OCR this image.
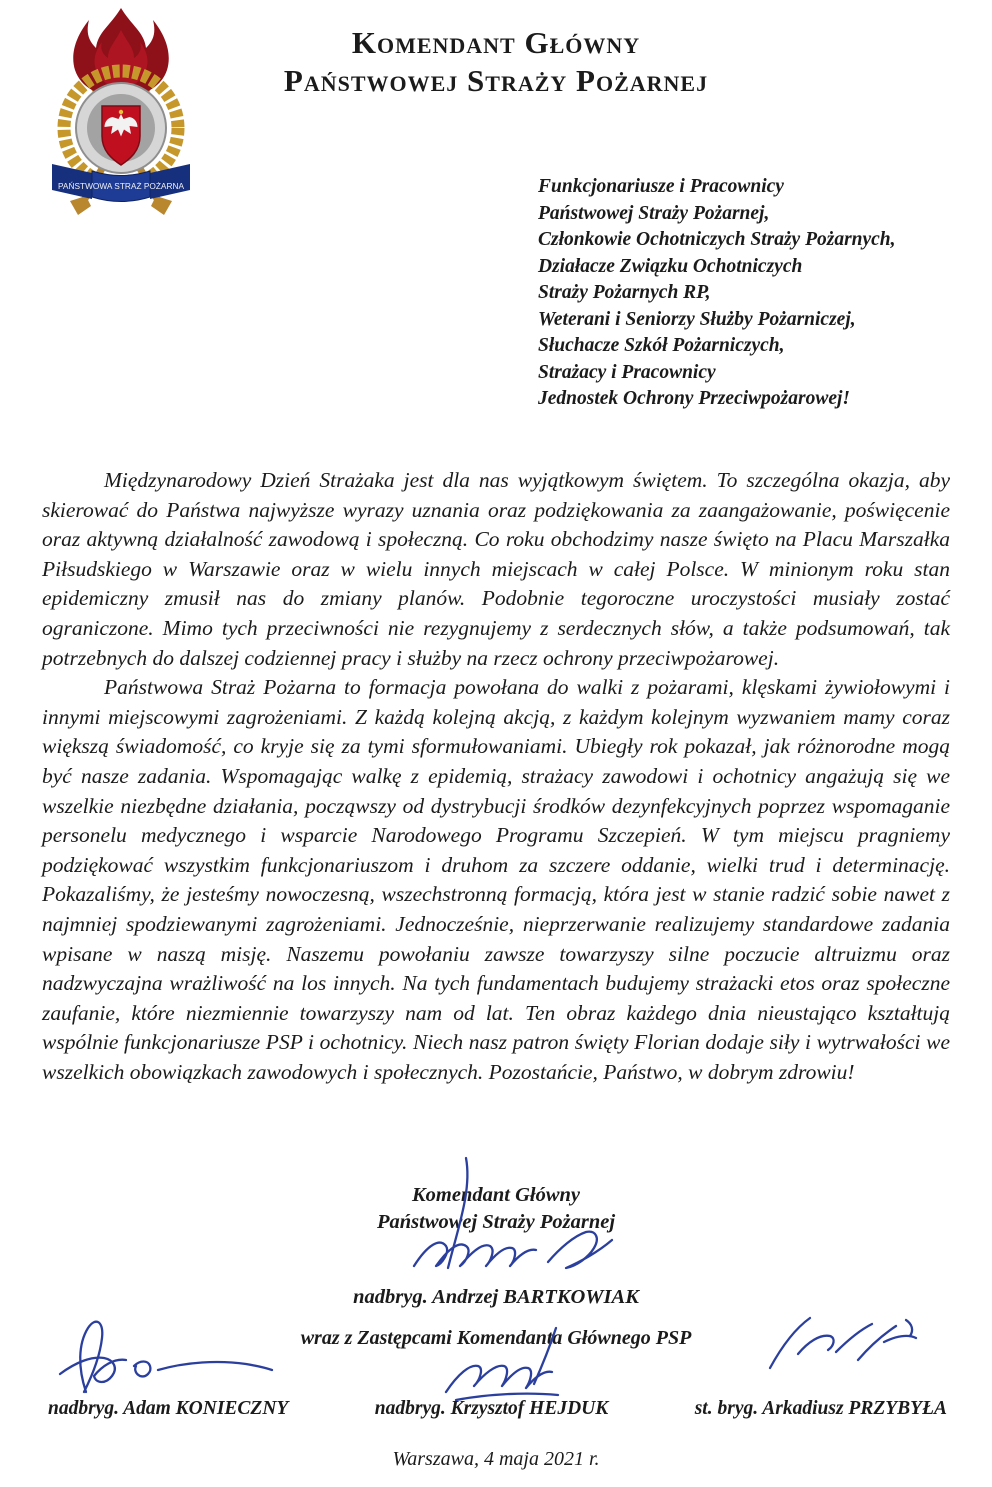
PAŃSTWOWA STRAŻ POŻARNA
Komendant Główny
Państwowej Straży Pożarnej
Funkcjonariusze i Pracownicy
Państwowej Straży Pożarnej,
Członkowie Ochotniczych Straży Pożarnych,
Działacze Związku Ochotniczych
Straży Pożarnych RP,
Weterani i Seniorzy Służby Pożarniczej,
Słuchacze Szkół Pożarniczych,
Strażacy i Pracownicy
Jednostek Ochrony Przeciwpożarowej!

Międzynarodowy Dzień Strażaka jest dla nas wyjątkowym świętem. To szczególna okazja, aby skierować do Państwa najwyższe wyrazy uznania oraz podziękowania za zaangażowanie, poświęcenie oraz aktywną działalność zawodową i społeczną. Co roku obchodzimy nasze święto na Placu Marszałka Piłsudskiego w Warszawie oraz w wielu innych miejscach w całej Polsce. W minionym roku stan epidemiczny zmusił nas do zmiany planów. Podobnie tegoroczne uroczystości musiały zostać ograniczone. Mimo tych przeciwności nie rezygnujemy z serdecznych słów, a także podsumowań, tak potrzebnych do dalszej codziennej pracy i służby na rzecz ochrony przeciwpożarowej.

Państwowa Straż Pożarna to formacja powołana do walki z pożarami, klęskami żywiołowymi i innymi miejscowymi zagrożeniami. Z każdą kolejną akcją, z każdym kolejnym wyzwaniem mamy coraz większą świadomość, co kryje się za tymi sformułowaniami. Ubiegły rok pokazał, jak różnorodne mogą być nasze zadania. Wspomagając walkę z epidemią, strażacy zawodowi i ochotnicy angażują się we wszelkie niezbędne działania, począwszy od dystrybucji środków dezynfekcyjnych poprzez wspomaganie personelu medycznego i wsparcie Narodowego Programu Szczepień. W tym miejscu pragniemy podziękować wszystkim funkcjonariuszom i druhom za szczere oddanie, wielki trud i determinację. Pokazaliśmy, że jesteśmy nowoczesną, wszechstronną formacją, która jest w stanie radzić sobie nawet z najmniej spodziewanymi zagrożeniami. Jednocześnie, nieprzerwanie realizujemy standardowe zadania wpisane w naszą misję. Naszemu powołaniu zawsze towarzyszy silne poczucie altruizmu oraz nadzwyczajna wrażliwość na los innych. Na tych fundamentach budujemy strażacki etos oraz społeczne zaufanie, które niezmiennie towarzyszy nam od lat. Ten obraz każdego dnia nieustająco kształtują wspólnie funkcjonariusze PSP i ochotnicy. Niech nasz patron święty Florian dodaje siły i wytrwałości we wszelkich obowiązkach zawodowych i społecznych. Pozostańcie, Państwo, w dobrym zdrowiu!

Komendant Główny
Państwowej Straży Pożarnej
nadbryg. Andrzej BARTKOWIAK
wraz z Zastępcami Komendanta Głównego PSP
nadbryg. Adam KONIECZNY	nadbryg. Krzysztof HEJDUK	st. bryg. Arkadiusz PRZYBYŁA
Warszawa, 4 maja 2021 r.
